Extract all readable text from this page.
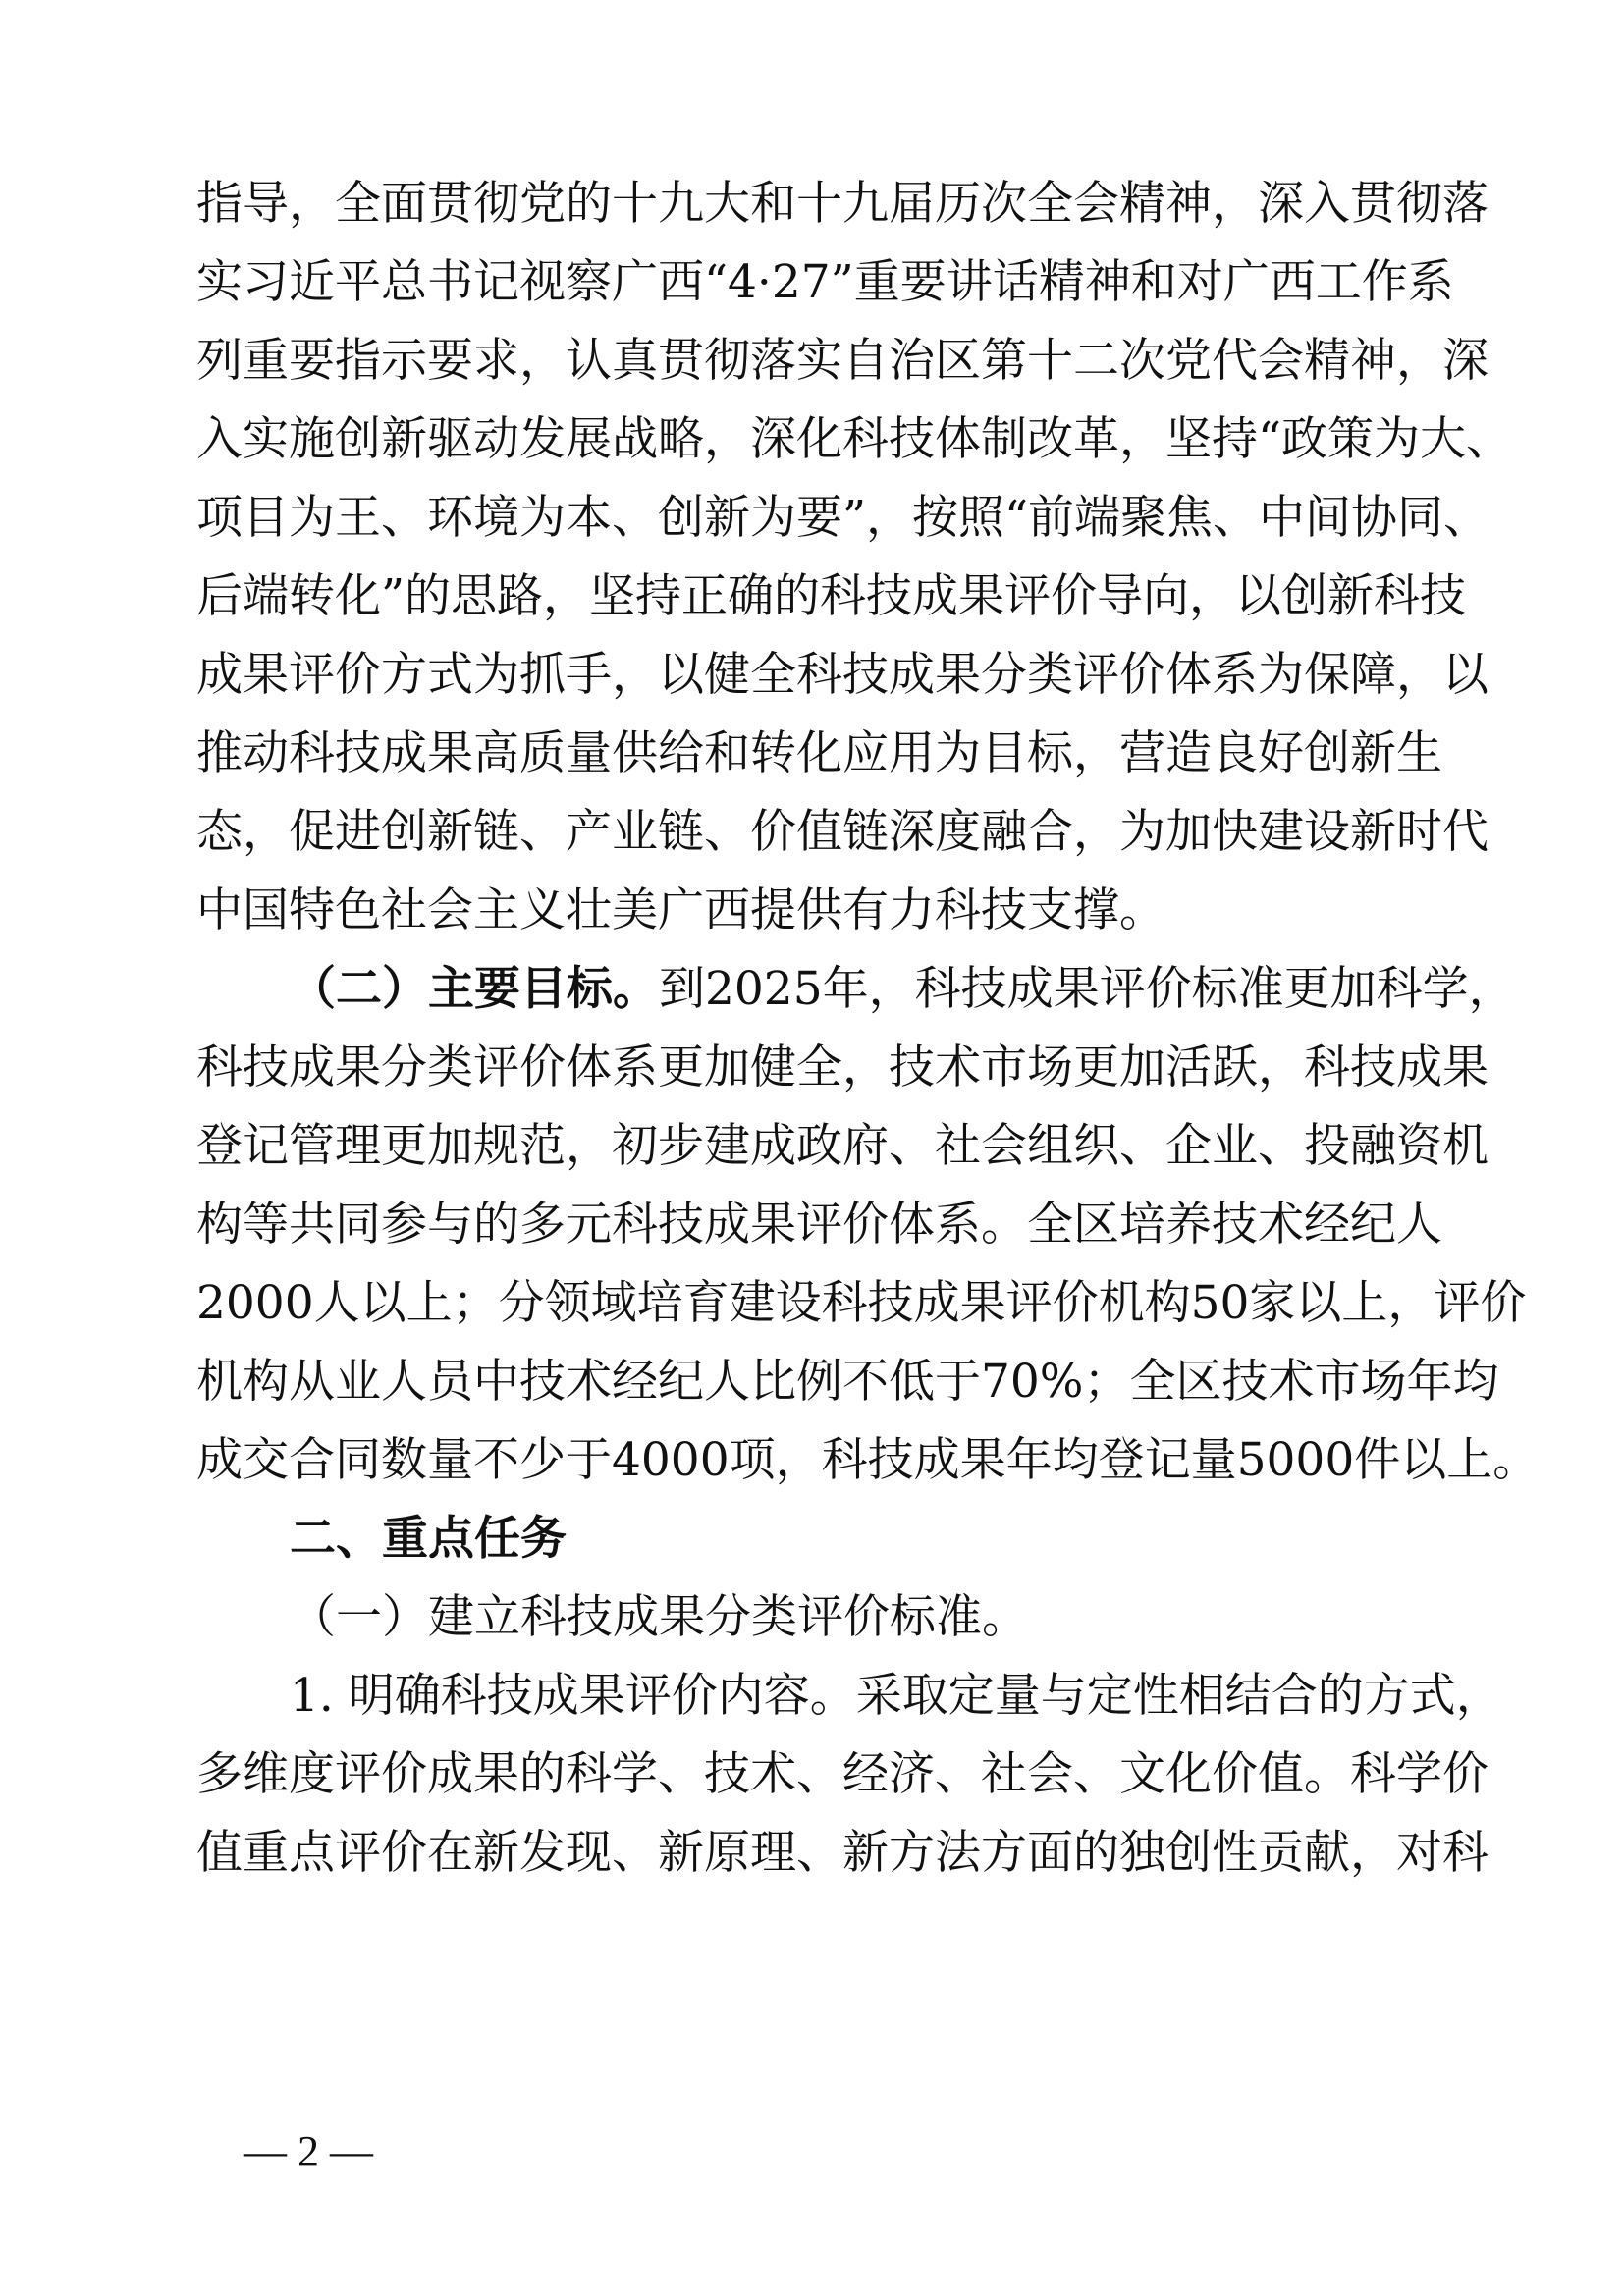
指导，全面贯彻党的十九大和十九届历次全会精神，深入贯彻落
实习近平总书记视察广西“4·27”重要讲话精神和对广西工作系
列重要指示要求，认真贯彻落实自治区第十二次党代会精神，深
入实施创新驱动发展战略，深化科技体制改革，坚持“政策为大、
项目为王、环境为本、创新为要”，按照“前端聚焦、中间协同、
后端转化”的思路，坚持正确的科技成果评价导向，以创新科技
成果评价方式为抓手，以健全科技成果分类评价体系为保障，以
推动科技成果高质量供给和转化应用为目标，营造良好创新生
态，促进创新链、产业链、价值链深度融合，为加快建设新时代
中国特色社会主义壮美广西提供有力科技支撑。
（二）主要目标。到2025年，科技成果评价标准更加科学，
科技成果分类评价体系更加健全，技术市场更加活跃，科技成果
登记管理更加规范，初步建成政府、社会组织、企业、投融资机
构等共同参与的多元科技成果评价体系。全区培养技术经纪人
2000人以上；分领域培育建设科技成果评价机构50家以上，评价
机构从业人员中技术经纪人比例不低于70%；全区技术市场年均
成交合同数量不少于4000项，科技成果年均登记量5000件以上。
二、重点任务
（一）建立科技成果分类评价标准。
1. 明确科技成果评价内容。采取定量与定性相结合的方式，
多维度评价成果的科学、技术、经济、社会、文化价值。科学价
值重点评价在新发现、新原理、新方法方面的独创性贡献，对科
— 2 —
